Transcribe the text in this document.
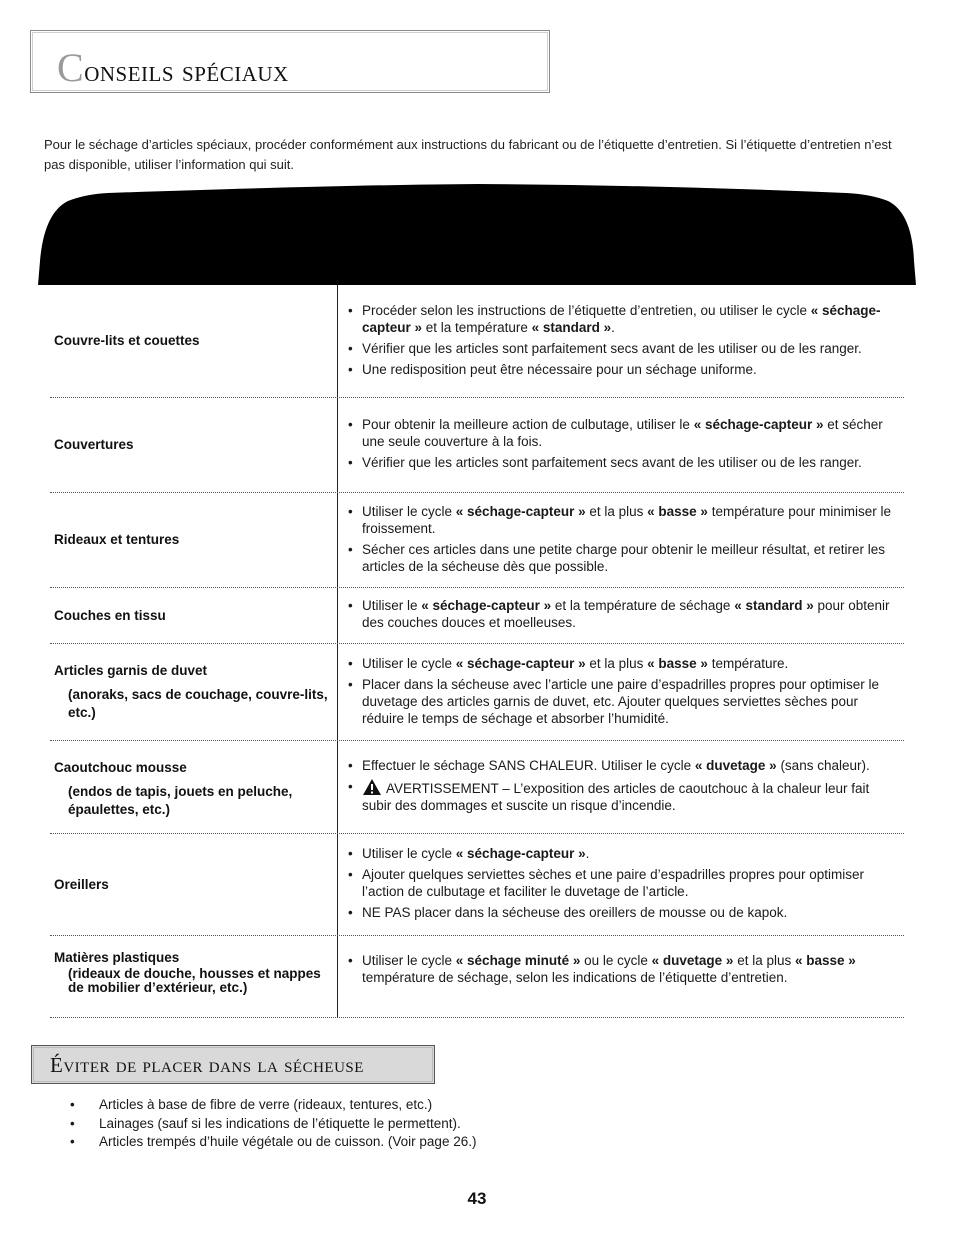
Conseils spéciaux

Pour le séchage d’articles spéciaux, procéder conformément aux instructions du fabricant ou de l’étiquette d’entretien. Si l’étiquette d’entretien n’est pas disponible, utiliser l’information qui suit.

Couvre-lits et couettes
• Procéder selon les instructions de l’étiquette d’entretien, ou utiliser le cycle « séchage-capteur » et la température « standard ».
• Vérifier que les articles sont parfaitement secs avant de les utiliser ou de les ranger.
• Une redisposition peut être nécessaire pour un séchage uniforme.
Couvertures
• Pour obtenir la meilleure action de culbutage, utiliser le « séchage-capteur » et sécher une seule couverture à la fois.
• Vérifier que les articles sont parfaitement secs avant de les utiliser ou de les ranger.
Rideaux et tentures
• Utiliser le cycle « séchage-capteur » et la plus « basse » température pour minimiser le froissement.
• Sécher ces articles dans une petite charge pour obtenir le meilleur résultat, et retirer les articles de la sécheuse dès que possible.
Couches en tissu
• Utiliser le « séchage-capteur » et la température de séchage « standard » pour obtenir des couches douces et moelleuses.
Articles garnis de duvet
(anoraks, sacs de couchage, couvre-lits, etc.)
• Utiliser le cycle « séchage-capteur » et la plus « basse » température.
• Placer dans la sécheuse avec l’article une paire d’espadrilles propres pour optimiser le duvetage des articles garnis de duvet, etc. Ajouter quelques serviettes sèches pour réduire le temps de séchage et absorber l’humidité.
Caoutchouc mousse
(endos de tapis, jouets en peluche, épaulettes, etc.)
• Effectuer le séchage SANS CHALEUR. Utiliser le cycle « duvetage » (sans chaleur).
• AVERTISSEMENT – L’exposition des articles de caoutchouc à la chaleur leur fait subir des dommages et suscite un risque d’incendie.
Oreillers
• Utiliser le cycle « séchage-capteur ».
• Ajouter quelques serviettes sèches et une paire d’espadrilles propres pour optimiser l’action de culbutage et faciliter le duvetage de l’article.
• NE PAS placer dans la sécheuse des oreillers de mousse ou de kapok.
Matières plastiques
(rideaux de douche, housses et nappes de mobilier d’extérieur, etc.)
• Utiliser le cycle « séchage minuté » ou le cycle « duvetage » et la plus « basse » température de séchage, selon les indications de l’étiquette d’entretien.
Éviter de placer dans la sécheuse
• Articles à base de fibre de verre (rideaux, tentures, etc.)
• Lainages (sauf si les indications de l’étiquette le permettent).
• Articles trempés d’huile végétale ou de cuisson. (Voir page 26.)
43
